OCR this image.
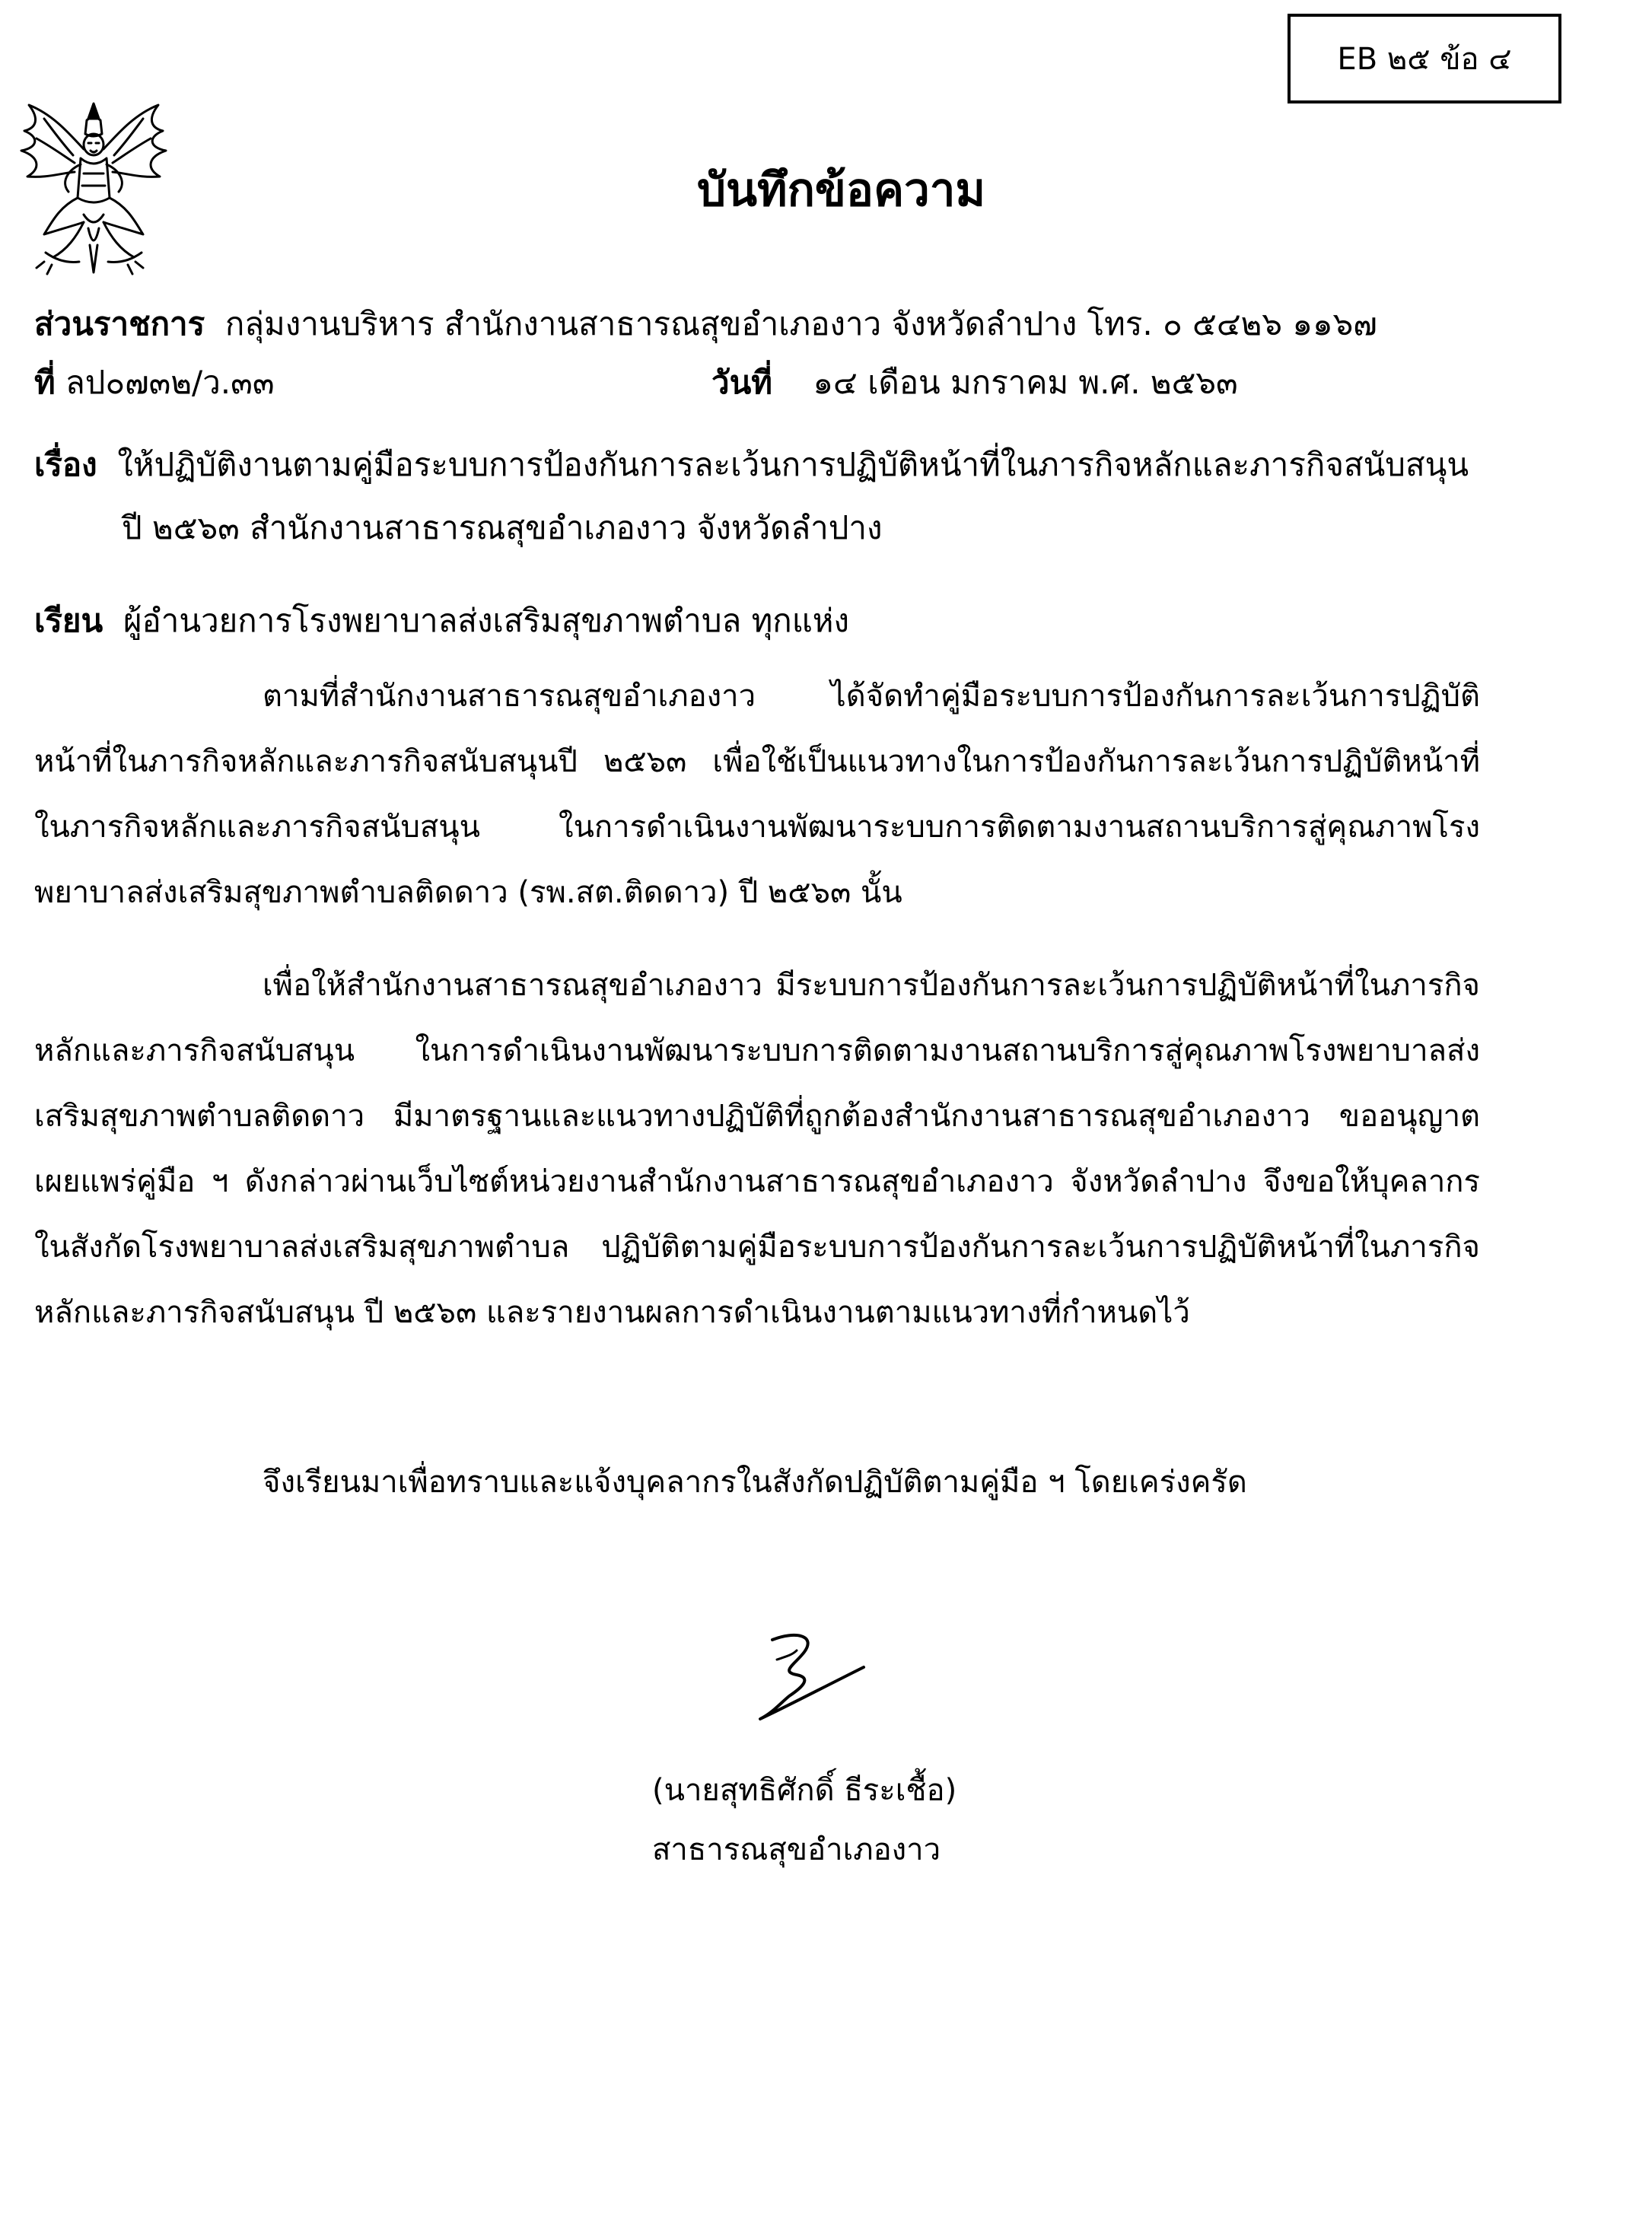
EB ๒๕ ข้อ ๔
บันทึกข้อความ
ส่วนราชการ กลุ่มงานบริหาร สำนักงานสาธารณสุขอำเภองาว จังหวัดลำปาง โทร. ๐ ๕๔๒๖ ๑๑๖๗
ที่ ลป๐๗๓๒/ว.๓๓	วันที่ ๑๔ เดือน มกราคม พ.ศ. ๒๕๖๓
เรื่อง ให้ปฏิบัติงานตามคู่มือระบบการป้องกันการละเว้นการปฏิบัติหน้าที่ในภารกิจหลักและภารกิจสนับสนุน
ปี ๒๕๖๓ สำนักงานสาธารณสุขอำเภองาว จังหวัดลำปาง
เรียน ผู้อำนวยการโรงพยาบาลส่งเสริมสุขภาพตำบล ทุกแห่ง
ตามที่สำนักงานสาธารณสุขอำเภองาว ได้จัดทำคู่มือระบบการป้องกันการละเว้นการปฏิบัติหน้าที่ในภารกิจหลักและภารกิจสนับสนุนปี ๒๕๖๓ เพื่อใช้เป็นแนวทางในการป้องกันการละเว้นการปฏิบัติหน้าที่ในภารกิจหลักและภารกิจสนับสนุน ในการดำเนินงานพัฒนาระบบการติดตามงานสถานบริการสู่คุณภาพโรงพยาบาลส่งเสริมสุขภาพตำบลติดดาว (รพ.สต.ติดดาว) ปี ๒๕๖๓ นั้น
เพื่อให้สำนักงานสาธารณสุขอำเภองาว มีระบบการป้องกันการละเว้นการปฏิบัติหน้าที่ในภารกิจหลักและภารกิจสนับสนุน ในการดำเนินงานพัฒนาระบบการติดตามงานสถานบริการสู่คุณภาพโรงพยาบาลส่งเสริมสุขภาพตำบลติดดาว มีมาตรฐานและแนวทางปฏิบัติที่ถูกต้องสำนักงานสาธารณสุขอำเภองาว ขออนุญาตเผยแพร่คู่มือ ฯ ดังกล่าวผ่านเว็บไซต์หน่วยงานสำนักงานสาธารณสุขอำเภองาว จังหวัดลำปาง จึงขอให้บุคลากรในสังกัดโรงพยาบาลส่งเสริมสุขภาพตำบล ปฏิบัติตามคู่มือระบบการป้องกันการละเว้นการปฏิบัติหน้าที่ในภารกิจหลักและภารกิจสนับสนุน ปี ๒๕๖๓ และรายงานผลการดำเนินงานตามแนวทางที่กำหนดไว้
จึงเรียนมาเพื่อทราบและแจ้งบุคลากรในสังกัดปฏิบัติตามคู่มือ ฯ โดยเคร่งครัด
(นายสุทธิศักดิ์ ธีระเชื้อ)
สาธารณสุขอำเภองาว
